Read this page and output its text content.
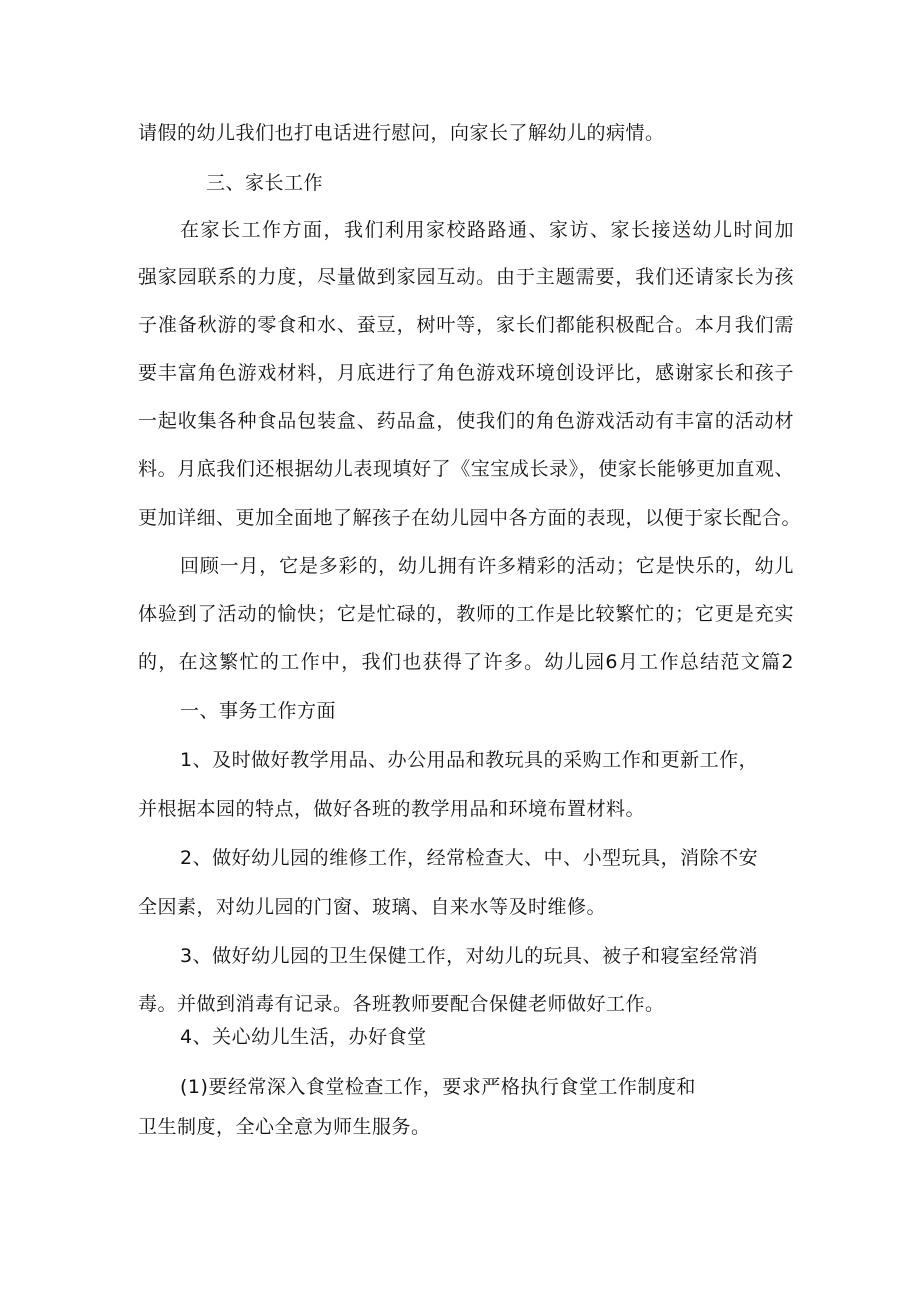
请假的幼儿我们也打电话进行慰问，向家长了解幼儿的病情。
三、家长工作
在家长工作方面，我们利用家校路路通、家访、家长接送幼儿时间加
强家园联系的力度，尽量做到家园互动。由于主题需要，我们还请家长为孩
子准备秋游的零食和水、蚕豆，树叶等，家长们都能积极配合。本月我们需
要丰富角色游戏材料，月底进行了角色游戏环境创设评比，感谢家长和孩子
一起收集各种食品包装盒、药品盒，使我们的角色游戏活动有丰富的活动材
料。月底我们还根据幼儿表现填好了《宝宝成长录》，使家长能够更加直观、
更加详细、更加全面地了解孩子在幼儿园中各方面的表现，以便于家长配合。
回顾一月，它是多彩的，幼儿拥有许多精彩的活动；它是快乐的，幼儿
体验到了活动的愉快；它是忙碌的，教师的工作是比较繁忙的；它更是充实
的，在这繁忙的工作中，我们也获得了许多。幼儿园6月工作总结范文篇2
一、事务工作方面
1、及时做好教学用品、办公用品和教玩具的采购工作和更新工作，
并根据本园的特点，做好各班的教学用品和环境布置材料。
2、做好幼儿园的维修工作，经常检查大、中、小型玩具，消除不安
全因素，对幼儿园的门窗、玻璃、自来水等及时维修。
3、做好幼儿园的卫生保健工作，对幼儿的玩具、被子和寝室经常消
毒。并做到消毒有记录。各班教师要配合保健老师做好工作。
4、关心幼儿生活，办好食堂
(1)要经常深入食堂检查工作，要求严格执行食堂工作制度和
卫生制度，全心全意为师生服务。
